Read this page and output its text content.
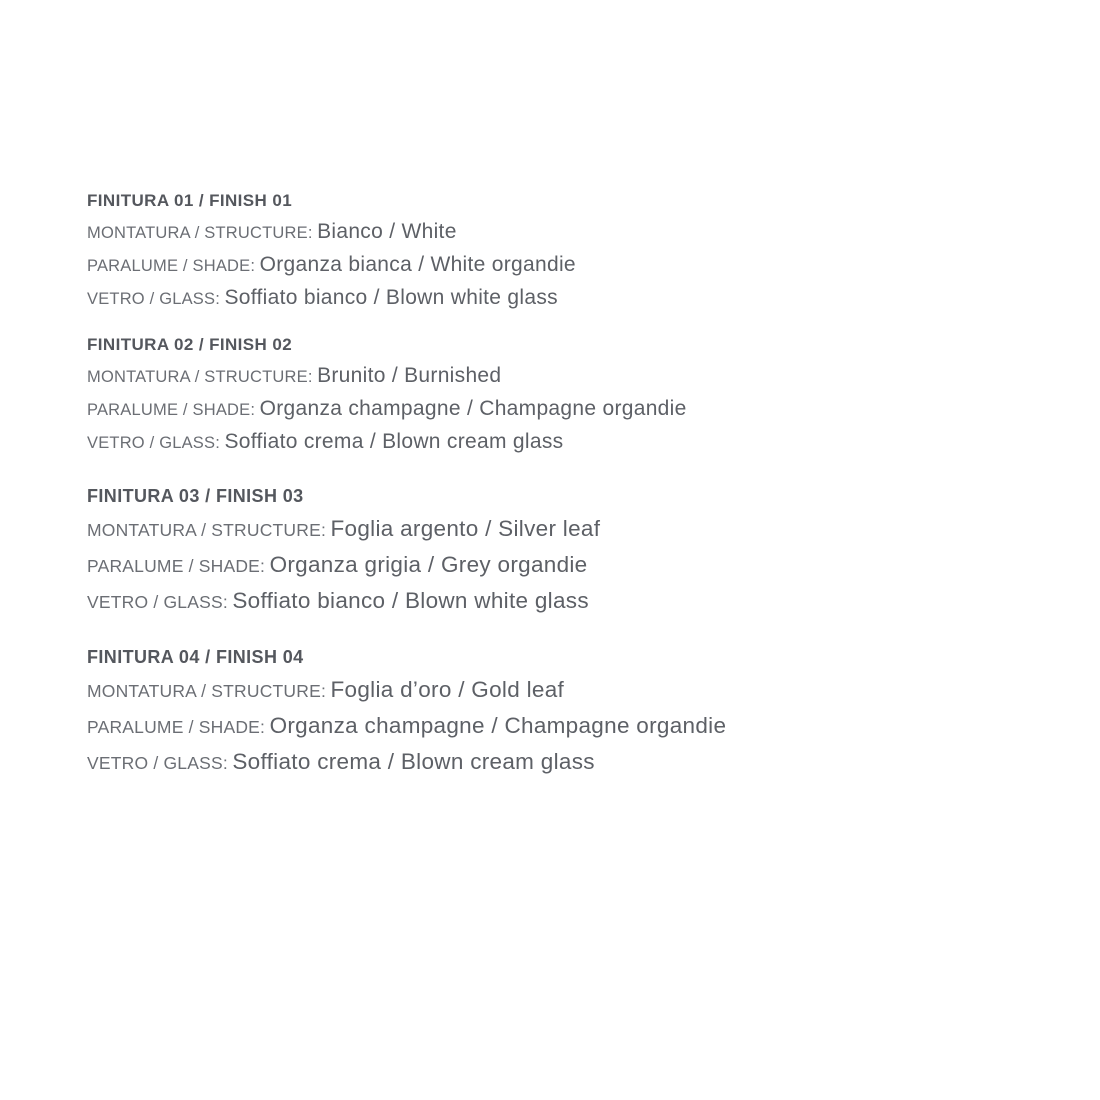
FINITURA 01 / FINISH 01
MONTATURA / STRUCTURE: Bianco / White
PARALUME / SHADE: Organza bianca / White organdie
VETRO / GLASS: Soffiato bianco / Blown white glass
FINITURA 02 / FINISH 02
MONTATURA / STRUCTURE: Brunito / Burnished
PARALUME / SHADE: Organza champagne / Champagne organdie
VETRO / GLASS: Soffiato crema / Blown cream glass
FINITURA 03 / FINISH 03
MONTATURA / STRUCTURE: Foglia argento / Silver leaf
PARALUME / SHADE: Organza grigia / Grey organdie
VETRO / GLASS: Soffiato bianco / Blown white glass
FINITURA 04 / FINISH 04
MONTATURA / STRUCTURE: Foglia d’oro / Gold leaf
PARALUME / SHADE: Organza champagne / Champagne organdie
VETRO / GLASS: Soffiato crema / Blown cream glass
